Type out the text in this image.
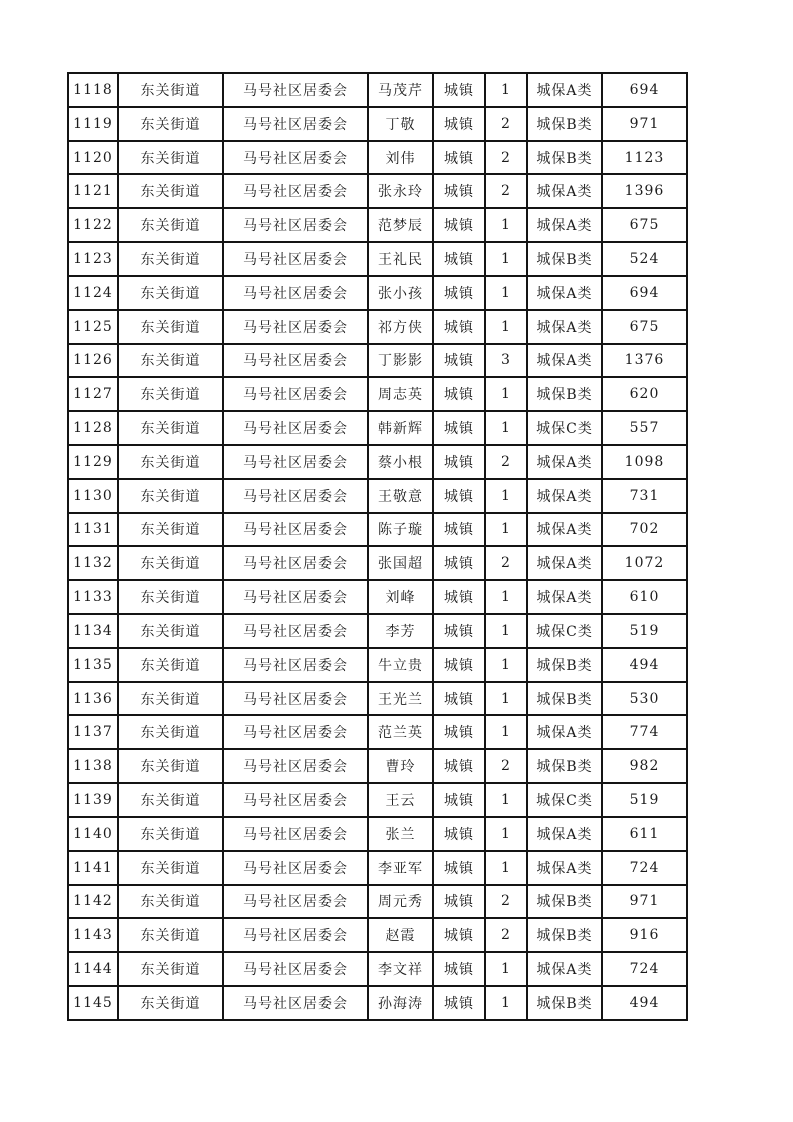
1118	东关街道	马号社区居委会	马茂芹	城镇	1	城保A类	694
1119	东关街道	马号社区居委会	丁敬	城镇	2	城保B类	971
1120	东关街道	马号社区居委会	刘伟	城镇	2	城保B类	1123
1121	东关街道	马号社区居委会	张永玲	城镇	2	城保A类	1396
1122	东关街道	马号社区居委会	范梦辰	城镇	1	城保A类	675
1123	东关街道	马号社区居委会	王礼民	城镇	1	城保B类	524
1124	东关街道	马号社区居委会	张小孩	城镇	1	城保A类	694
1125	东关街道	马号社区居委会	祁方侠	城镇	1	城保A类	675
1126	东关街道	马号社区居委会	丁影影	城镇	3	城保A类	1376
1127	东关街道	马号社区居委会	周志英	城镇	1	城保B类	620
1128	东关街道	马号社区居委会	韩新辉	城镇	1	城保C类	557
1129	东关街道	马号社区居委会	蔡小根	城镇	2	城保A类	1098
1130	东关街道	马号社区居委会	王敬意	城镇	1	城保A类	731
1131	东关街道	马号社区居委会	陈子璇	城镇	1	城保A类	702
1132	东关街道	马号社区居委会	张国超	城镇	2	城保A类	1072
1133	东关街道	马号社区居委会	刘峰	城镇	1	城保A类	610
1134	东关街道	马号社区居委会	李芳	城镇	1	城保C类	519
1135	东关街道	马号社区居委会	牛立贵	城镇	1	城保B类	494
1136	东关街道	马号社区居委会	王光兰	城镇	1	城保B类	530
1137	东关街道	马号社区居委会	范兰英	城镇	1	城保A类	774
1138	东关街道	马号社区居委会	曹玲	城镇	2	城保B类	982
1139	东关街道	马号社区居委会	王云	城镇	1	城保C类	519
1140	东关街道	马号社区居委会	张兰	城镇	1	城保A类	611
1141	东关街道	马号社区居委会	李亚军	城镇	1	城保A类	724
1142	东关街道	马号社区居委会	周元秀	城镇	2	城保B类	971
1143	东关街道	马号社区居委会	赵霞	城镇	2	城保B类	916
1144	东关街道	马号社区居委会	李文祥	城镇	1	城保A类	724
1145	东关街道	马号社区居委会	孙海涛	城镇	1	城保B类	494
